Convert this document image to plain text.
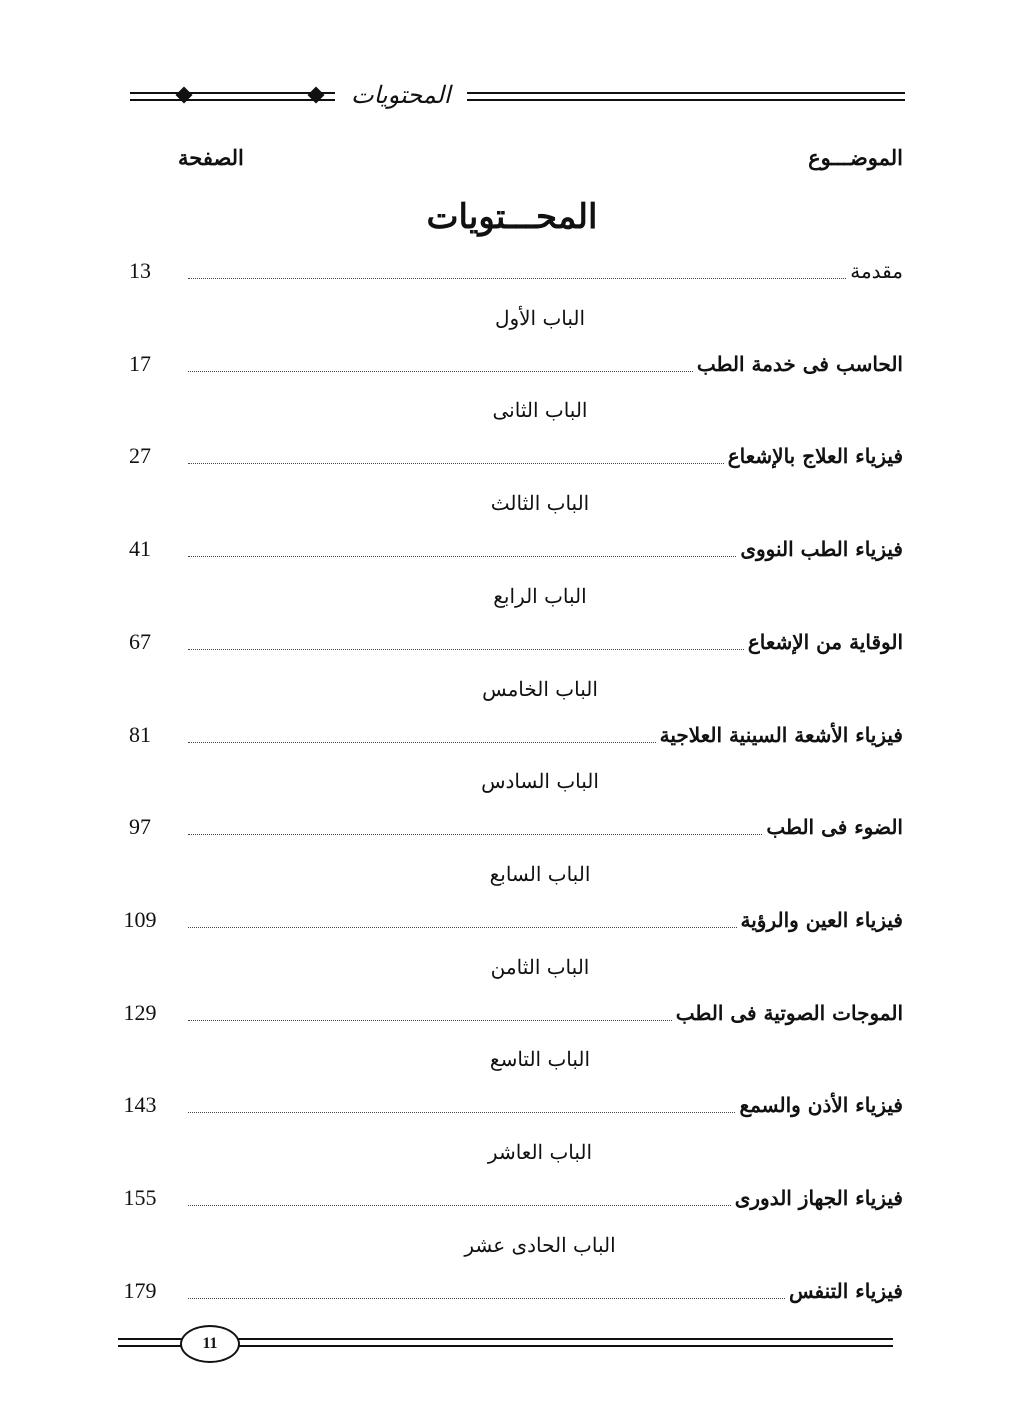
المحتويات
الصفحة	الموضـــوع
المحـــتويات
13	مقدمة
الباب الأول
17	الحاسب فى خدمة الطب
الباب الثانى
27	فيزياء العلاج بالإشعاع
الباب الثالث
41	فيزياء الطب النووى
الباب الرابع
67	الوقاية من الإشعاع
الباب الخامس
81	فيزياء الأشعة السينية العلاجية
الباب السادس
97	الضوء فى الطب
الباب السابع
109	فيزياء العين والرؤية
الباب الثامن
129	الموجات الصوتية فى الطب
الباب التاسع
143	فيزياء الأذن والسمع
الباب العاشر
155	فيزياء الجهاز الدورى
الباب الحادى عشر
179	فيزياء التنفس
11
